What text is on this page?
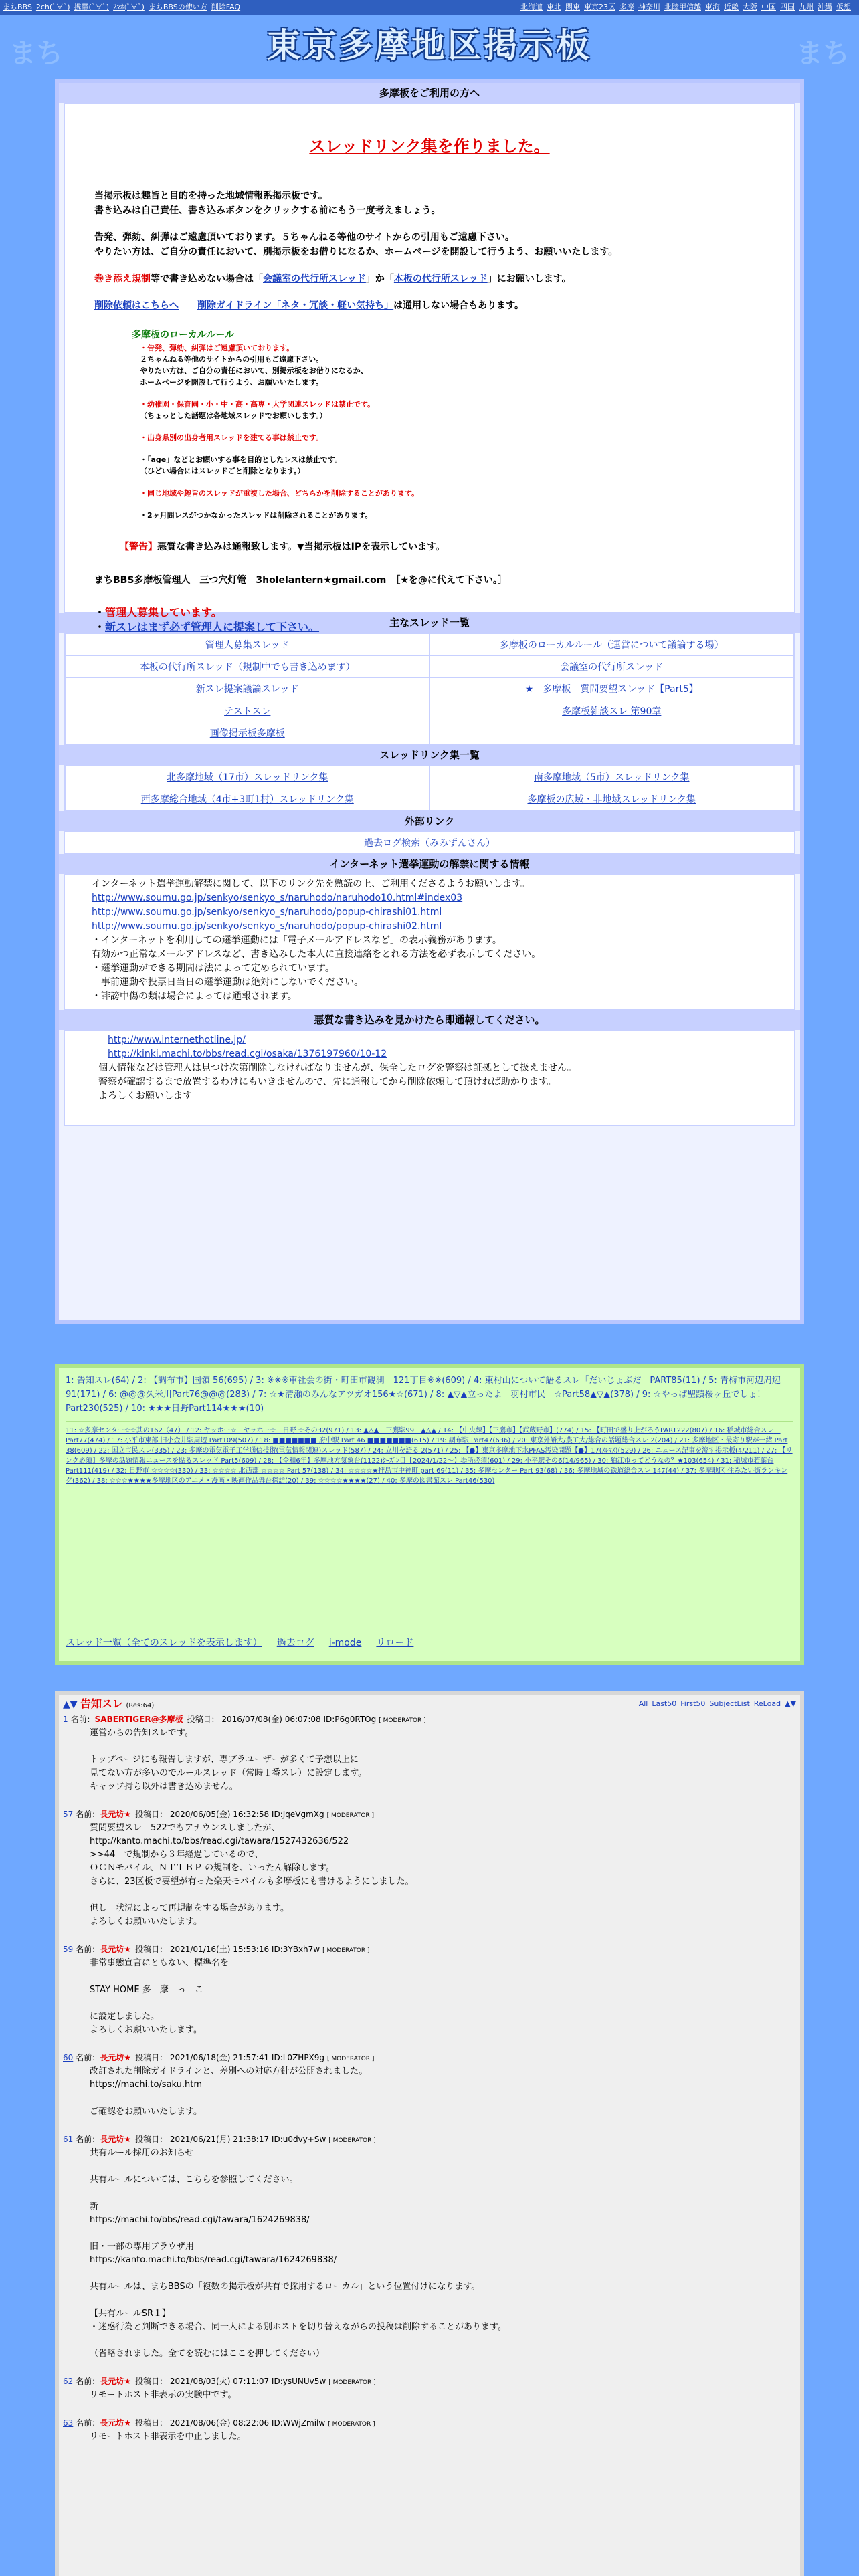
まちBBS 2ch(ﾟ∀ﾟ) 携帯(ﾟ∀ﾟ) ｽﾏﾎ(ﾟ∀ﾟ) まちBBSの使い方 削除FAQ	北海道 東北 関東 東京23区 多摩 神奈川 北陸甲信越 東海 近畿 大阪 中国 四国 九州 沖縄 仮想
まち	まち
東京多摩地区掲示板
多摩板をご利用の方へ
スレッドリンク集を作りました。
当掲示板は趣旨と目的を持った地域情報系掲示板です。
書き込みは自己責任、書き込みボタンをクリックする前にもう一度考えましょう。
告発、弾劾、糾弾はご遠慮頂いております。５ちゃんねる等他のサイトからの引用もご遠慮下さい。
やりたい方は、ご自分の責任において、別掲示板をお借りになるか、ホームページを開設して行うよう、お願いいたします。
巻き添え規制等で書き込めない場合は「会議室の代行所スレッド」か「本板の代行所スレッド」にお願いします。
削除依頼はこちらへ　　 削除ガイドライン「ネタ・冗談・軽い気持ち」は通用しない場合もあります。
多摩板のローカルルール
・告発、弾劾、糾弾はご遠慮頂いております。
２ちゃんねる等他のサイトからの引用もご遠慮下さい。
やりたい方は、ご自分の責任において、別掲示板をお借りになるか、
ホームページを開設して行うよう、お願いいたします。
・幼稚園・保育園・小・中・高・高専・大学関連スレッドは禁止です。
（ちょっとした話題は各地域スレッドでお願いします。）
・出身県別の出身者用スレッドを建てる事は禁止です。
・「age」などとお願いする事を目的としたレスは禁止です。
（ひどい場合にはスレッドごと削除となります。）
・同じ地域や趣旨のスレッドが重複した場合、どちらかを削除することがあります。
・2ヶ月間レスがつかなかったスレッドは削除されることがあります。
【警告】悪質な書き込みは通報致します。▼当掲示板はIPを表示しています。
まちBBS多摩板管理人　三つ穴灯篭　3holelantern★gmail.com　［★を@に代えて下さい。］
・管理人募集しています。
・新スレはまず必ず管理人に提案して下さい。	主なスレッド一覧
管理人募集スレッド	多摩板のローカルルール（運営について議論する場）
本板の代行所スレッド（規制中でも書き込めます）	会議室の代行所スレッド
新スレ提案議論スレッド	★　多摩板　質問要望スレッド【Part5】
テストスレ	多摩板雑談スレ 第90章
画像掲示板多摩板	
スレッドリンク集一覧
北多摩地域（17市）スレッドリンク集	南多摩地域（5市）スレッドリンク集
西多摩総合地域（4市+3町1村）スレッドリンク集	多摩板の広域・非地域スレッドリンク集
外部リンク
過去ログ検索（みみずんさん）
インターネット選挙運動の解禁に関する情報
インターネット選挙運動解禁に関して、以下のリンク先を熟読の上、ご利用くださるようお願いします。
http://www.soumu.go.jp/senkyo/senkyo_s/naruhodo/naruhodo10.html#index03
http://www.soumu.go.jp/senkyo/senkyo_s/naruhodo/popup-chirashi01.html
http://www.soumu.go.jp/senkyo/senkyo_s/naruhodo/popup-chirashi02.html
・インターネットを利用しての選挙運動には「電子メールアドレスなど」の表示義務があります。
有効かつ正常なメールアドレスなど、書き込みした本人に直接連絡をとれる方法を必ず表示してください。
・選挙運動ができる期間は法によって定められています。
事前運動や投票日当日の選挙運動は絶対にしないでください。
・誹謗中傷の類は場合によっては通報されます。
悪質な書き込みを見かけたら即通報してください。
http://www.internethotline.jp/
http://kinki.machi.to/bbs/read.cgi/osaka/1376197960/10-12
個人情報などは管理人は見つけ次第削除しなければなりませんが、保全したログを警察は証拠として扱えません。
警察が確認するまで放置するわけにもいきませんので、先に通報してから削除依頼して頂ければ助かります。
よろしくお願いします
1: 告知スレ(64) / 2: 【調布市】国領 56(695) / 3: ※※※車社会の街・町田市観測　121丁目※※(609) / 4: 東村山について語るスレ「だいじょぶだ」PART85(11) / 5: 青梅市河辺周辺91(171) / 6: @@@久米川Part76@@@(283) / 7: ☆★清瀬のみんなアツガオ156★☆(671) / 8: ▲▽▲立ったよ　羽村市民　☆Part58▲▽▲(378) / 9: ☆やっぱ聖蹟桜ヶ丘でしょ！ Part230(525) / 10: ★★★日野Part114★★★(10)
11: ☆多摩センター☆☆其の162（47） / 12: ヤッホー☆　ヤッホー☆　日野 ☆その32(971) / 13: ▲△▲　三鷹駅99　▲△▲ / 14: 【中央線】【三鷹市】【武蔵野市】(774) / 15: 【町田で盛り上がろうPART222(807) / 16: 稲城市総合スレ　Part77(474) / 17: 小平市東部 旧小金井駅周辺 Part109(507) / 18: ■■■■■■■ 府中駅 Part 46 ■■■■■■■(615) / 19: 調布駅 Part47(636) / 20: 東京外語大/農工大/総合の話題総合スレ 2(204) / 21: 多摩地区・最寄り駅が一緒 Part 38(609) / 22: 国立市民スレ(335) / 23: 多摩の電気電子工学通信技術(電気情報関連)スレッド(587) / 24: 立川を語る 2(571) / 25: 【●】東京多摩地下水PFAS汚染問題【●】17(ｽﾚﾏｽ)(529) / 26: ニュース記事を流す掲示板(4/211) / 27: 【リンク必須】多摩の話題情報ニュースを貼るスレッド Part5(609) / 28: 【令和6年】多摩地方気象台(1122)ｼｰｽﾞﾝ目【2024/1/22～】場所必須(601) / 29: 小平駅その6(14/965) / 30: 狛江市ってどうなの？★103(654) / 31: 稲城市若葉台 Part111(419) / 32: 日野市 ☆☆☆☆(330) / 33: ☆☆☆☆ 北西部 ☆☆☆☆ Part 57(138) / 34: ☆☆☆☆★拝島市中神町 part 69(11) / 35: 多摩センター Part 93(68) / 36: 多摩地域の鉄道総合スレ 147(44) / 37: 多摩地区 住みたい街ランキング(362) / 38: ☆☆☆★★★★多摩地区のアニメ・漫画・映画作品舞台探訪(20) / 39: ☆☆☆☆★★★★(27) / 40: 多摩の図書館スレ Part46(530)
スレッド一覧（全てのスレッドを表示します） 過去ログ i-mode リロード
▲▼ 告知スレ (Res:64)	All Last50 First50 SubjectList ReLoad ▲▼
1 名前：SABERTIGER@多摩板 投稿日： 2016/07/08(金) 06:07:08 ID:P6g0RTOg [ MODERATOR ]
運営からの告知スレです。

トップページにも報告しますが、専ブラユーザーが多くて予想以上に
見てない方が多いのでルールスレッド（常時１番スレ）に設定します。
キャップ持ち以外は書き込めません。
57 名前：長元坊★ 投稿日： 2020/06/05(金) 16:32:58 ID:JqeVgmXg [ MODERATOR ]
質問要望スレ　522でもアナウンスしましたが、
http://kanto.machi.to/bbs/read.cgi/tawara/1527432636/522
>>44　で規制から３年経過しているので、
ＯＣＮモバイル、ＮＴＴＢＰ の規制を、いったん解除します。
さらに、23区板で要望が有った楽天モバイルも多摩板にも書けるようにしました。

但し　状況によって再規制をする場合があります。
よろしくお願いいたします。
59 名前：長元坊★ 投稿日： 2021/01/16(土) 15:53:16 ID:3YBxh7w [ MODERATOR ]
非常事態宣言にともない、標準名を

STAY HOME 多　摩　っ　こ

に設定しました。
よろしくお願いいたします。
60 名前：長元坊★ 投稿日： 2021/06/18(金) 21:57:41 ID:L0ZHPX9g [ MODERATOR ]
改訂された削除ガイドラインと、差別への対応方針が公開されました。
https://machi.to/saku.htm

ご確認をお願いいたします。
61 名前：長元坊★ 投稿日： 2021/06/21(月) 21:38:17 ID:u0dvy+Sw [ MODERATOR ]
共有ルール採用のお知らせ

共有ルールについては、こちらを参照してください。

新
https://machi.to/bbs/read.cgi/tawara/1624269838/

旧・一部の専用ブラウザ用
https://kanto.machi.to/bbs/read.cgi/tawara/1624269838/

共有ルールは、まちBBSの「複数の掲示板が共有で採用するローカル」という位置付けになります。

【共有ルールSR１】
・迷惑行為と判断できる場合、同一人による別ホストを切り替えながらの投稿は削除することがあります。

（省略されました。全てを読むにはここを押してください）
62 名前：長元坊★ 投稿日： 2021/08/03(火) 07:11:07 ID:ysUNUv5w [ MODERATOR ]
リモートホスト非表示の実験中です。
63 名前：長元坊★ 投稿日： 2021/08/06(金) 08:22:06 ID:WWjZmilw [ MODERATOR ]
リモートホスト非表示を中止しました。
